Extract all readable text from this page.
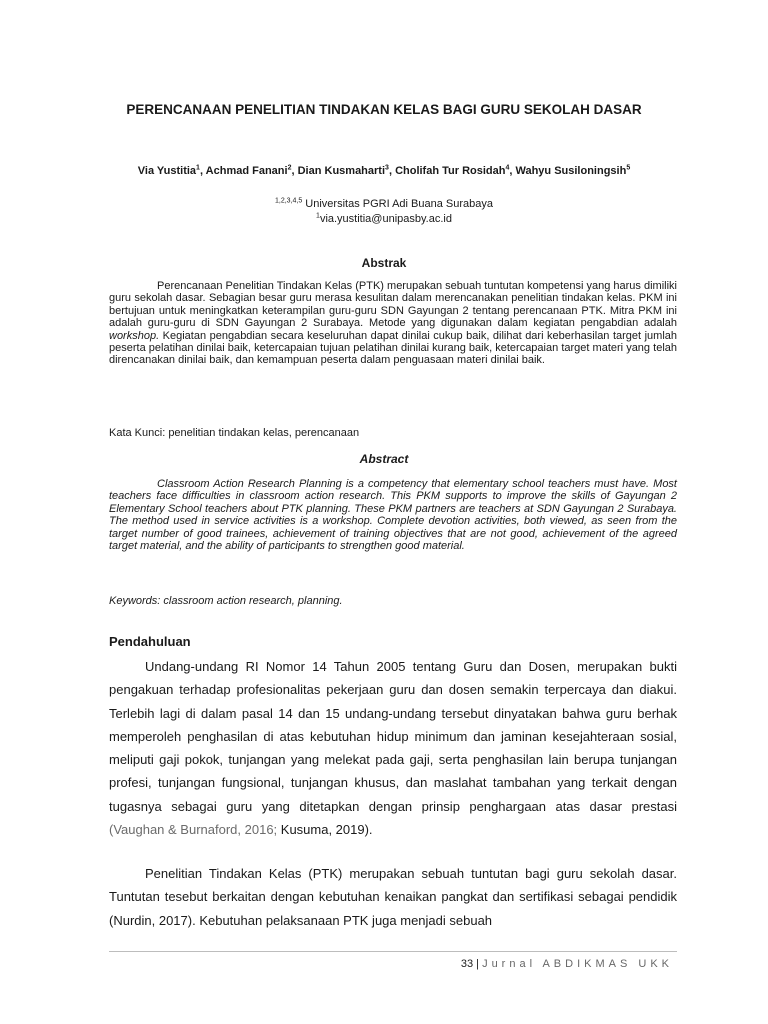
PERENCANAAN PENELITIAN TINDAKAN KELAS BAGI GURU SEKOLAH DASAR
Via Yustitia$^1$, Achmad Fanani$^2$, Dian Kusmaharti$^3$, Cholifah Tur Rosidah$^4$, Wahyu Susiloningsih$^5$
$^{1,2,3,4,5}$ Universitas PGRI Adi Buana Surabaya
$^1$via.yustitia@unipasby.ac.id
Abstrak

Perencanaan Penelitian Tindakan Kelas (PTK) merupakan sebuah tuntutan kompetensi yang harus dimiliki guru sekolah dasar. Sebagian besar guru merasa kesulitan dalam merencanakan penelitian tindakan kelas. PKM ini bertujuan untuk meningkatkan keterampilan guru-guru SDN Gayungan 2 tentang perencanaan PTK. Mitra PKM ini adalah guru-guru di SDN Gayungan 2 Surabaya. Metode yang digunakan dalam kegiatan pengabdian adalah workshop. Kegiatan pengabdian secara keseluruhan dapat dinilai cukup baik, dilihat dari keberhasilan target jumlah peserta pelatihan dinilai baik, ketercapaian tujuan pelatihan dinilai kurang baik, ketercapaian target materi yang telah direncanakan dinilai baik, dan kemampuan peserta dalam penguasaan materi dinilai baik.

Kata Kunci: penelitian tindakan kelas, perencanaan

Abstract

Classroom Action Research Planning is a competency that elementary school teachers must have. Most teachers face difficulties in classroom action research. This PKM supports to improve the skills of Gayungan 2 Elementary School teachers about PTK planning. These PKM partners are teachers at SDN Gayungan 2 Surabaya. The method used in service activities is a workshop. Complete devotion activities, both viewed, as seen from the target number of good trainees, achievement of training objectives that are not good, achievement of the agreed target material, and the ability of participants to strengthen good material.

Keywords: classroom action research, planning.

Pendahuluan

Undang-undang RI Nomor 14 Tahun 2005 tentang Guru dan Dosen, merupakan bukti pengakuan terhadap profesionalitas pekerjaan guru dan dosen semakin terpercaya dan diakui. Terlebih lagi di dalam pasal 14 dan 15 undang-undang tersebut dinyatakan bahwa guru berhak memperoleh penghasilan di atas kebutuhan hidup minimum dan jaminan kesejahteraan sosial, meliputi gaji pokok, tunjangan yang melekat pada gaji, serta penghasilan lain berupa tunjangan profesi, tunjangan fungsional, tunjangan khusus, dan maslahat tambahan yang terkait dengan tugasnya sebagai guru yang ditetapkan dengan prinsip penghargaan atas dasar prestasi (Vaughan & Burnaford, 2016; Kusuma, 2019).

Penelitian Tindakan Kelas (PTK) merupakan sebuah tuntutan bagi guru sekolah dasar. Tuntutan tesebut berkaitan dengan kebutuhan kenaikan pangkat dan sertifikasi sebagai pendidik (Nurdin, 2017). Kebutuhan pelaksanaan PTK juga menjadi sebuah

33 | Jurnal ABDIKMAS UKK
